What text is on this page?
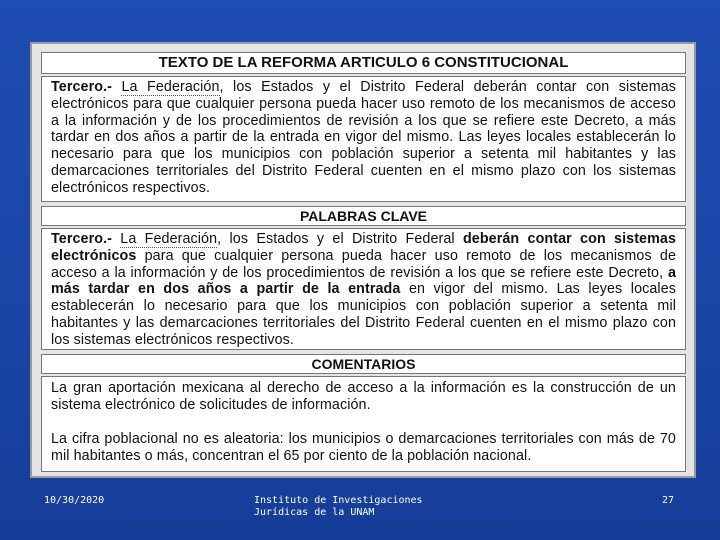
TEXTO DE LA REFORMA ARTICULO 6 CONSTITUCIONAL
Tercero.- La Federación, los Estados y el Distrito Federal deberán contar con sistemas electrónicos para que cualquier persona pueda hacer uso remoto de los mecanismos de acceso a la información y de los procedimientos de revisión a los que se refiere este Decreto, a más tardar en dos años a partir de la entrada en vigor del mismo. Las leyes locales establecerán lo necesario para que los municipios con población superior a setenta mil habitantes y las demarcaciones territoriales del Distrito Federal cuenten en el mismo plazo con los sistemas electrónicos respectivos.
PALABRAS CLAVE
Tercero.- La Federación, los Estados y el Distrito Federal deberán contar con sistemas electrónicos para que cualquier persona pueda hacer uso remoto de los mecanismos de acceso a la información y de los procedimientos de revisión a los que se refiere este Decreto, a más tardar en dos años a partir de la entrada en vigor del mismo. Las leyes locales establecerán lo necesario para que los municipios con población superior a setenta mil habitantes y las demarcaciones territoriales del Distrito Federal cuenten en el mismo plazo con los sistemas electrónicos respectivos.
COMENTARIOS
La gran aportación mexicana al derecho de acceso a la información es la construcción de un sistema electrónico de solicitudes de información.
La cifra poblacional no es aleatoria: los municipios o demarcaciones territoriales con más de 70 mil habitantes o más, concentran el 65 por ciento de la población nacional.
10/30/2020	Instituto de Investigaciones Jurídicas de la UNAM
27
